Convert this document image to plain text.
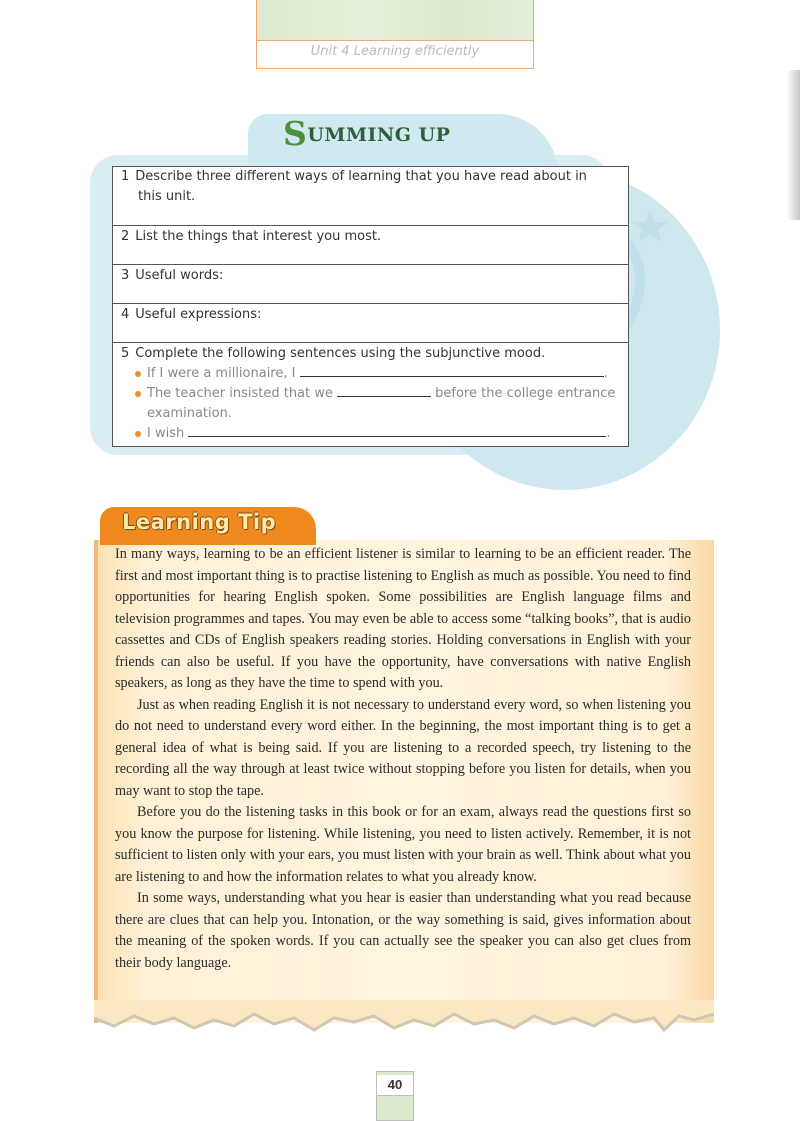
Unit 4 Learning efficiently
SUMMING UP
1 Describe three different ways of learning that you have read about in
this unit.
2 List the things that interest you most.
3 Useful words:
4 Useful expressions:
5 Complete the following sentences using the subjunctive mood.
If I were a millionaire, I	.
The teacher insisted that we	before the college entrance
examination.
I wish	.
Learning Tip

In many ways, learning to be an efficient listener is similar to learning to be an efficient reader. The first and most important thing is to practise listening to English as much as possible. You need to find opportunities for hearing English spoken. Some possibilities are English language films and television programmes and tapes. You may even be able to access some “talking books”, that is audio cassettes and CDs of English speakers reading stories. Holding conversations in English with your friends can also be useful. If you have the opportunity, have conversations with native English speakers, as long as they have the time to spend with you.

Just as when reading English it is not necessary to understand every word, so when listening you do not need to understand every word either. In the beginning, the most important thing is to get a general idea of what is being said. If you are listening to a recorded speech, try listening to the recording all the way through at least twice without stopping before you listen for details, when you may want to stop the tape.

Before you do the listening tasks in this book or for an exam, always read the questions first so you know the purpose for listening. While listening, you need to listen actively. Remember, it is not sufficient to listen only with your ears, you must listen with your brain as well. Think about what you are listening to and how the information relates to what you already know.

In some ways, understanding what you hear is easier than understanding what you read because there are clues that can help you. Intonation, or the way something is said, gives information about the meaning of the spoken words. If you can actually see the speaker you can also get clues from their body language.

40
